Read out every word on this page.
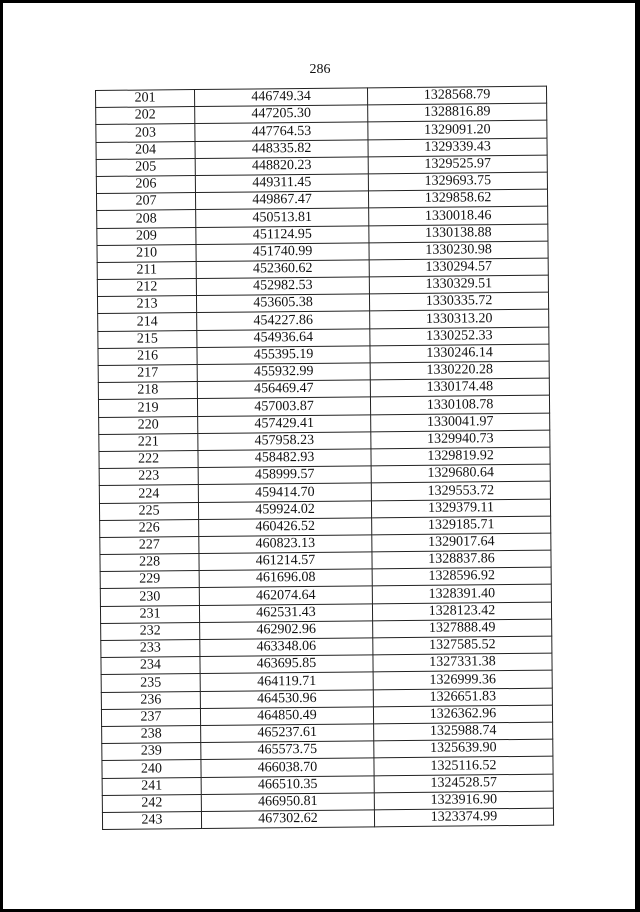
286
201	446749.34	1328568.79
202	447205.30	1328816.89
203	447764.53	1329091.20
204	448335.82	1329339.43
205	448820.23	1329525.97
206	449311.45	1329693.75
207	449867.47	1329858.62
208	450513.81	1330018.46
209	451124.95	1330138.88
210	451740.99	1330230.98
211	452360.62	1330294.57
212	452982.53	1330329.51
213	453605.38	1330335.72
214	454227.86	1330313.20
215	454936.64	1330252.33
216	455395.19	1330246.14
217	455932.99	1330220.28
218	456469.47	1330174.48
219	457003.87	1330108.78
220	457429.41	1330041.97
221	457958.23	1329940.73
222	458482.93	1329819.92
223	458999.57	1329680.64
224	459414.70	1329553.72
225	459924.02	1329379.11
226	460426.52	1329185.71
227	460823.13	1329017.64
228	461214.57	1328837.86
229	461696.08	1328596.92
230	462074.64	1328391.40
231	462531.43	1328123.42
232	462902.96	1327888.49
233	463348.06	1327585.52
234	463695.85	1327331.38
235	464119.71	1326999.36
236	464530.96	1326651.83
237	464850.49	1326362.96
238	465237.61	1325988.74
239	465573.75	1325639.90
240	466038.70	1325116.52
241	466510.35	1324528.57
242	466950.81	1323916.90
243	467302.62	1323374.99
